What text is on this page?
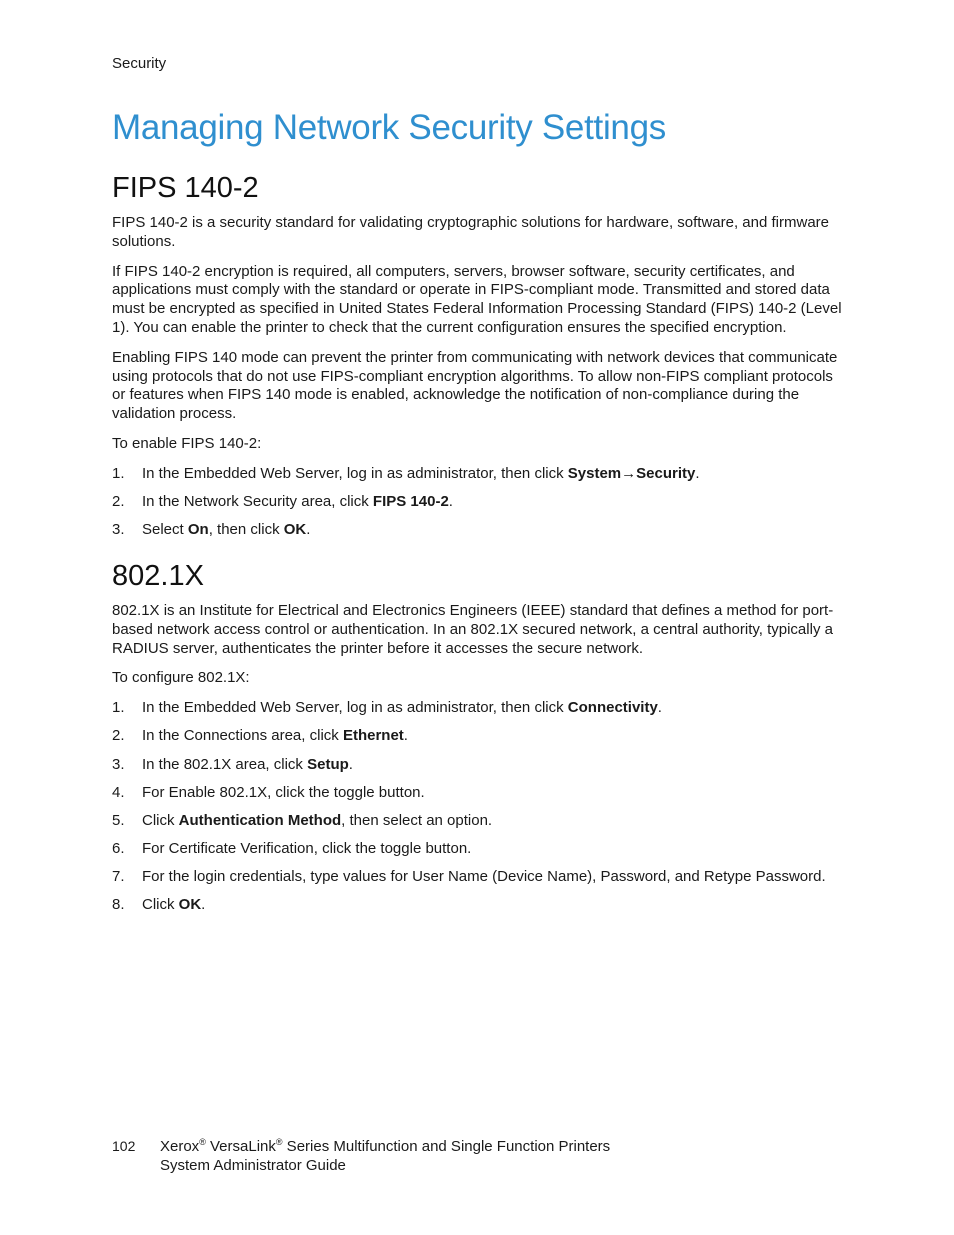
Security
Managing Network Security Settings
FIPS 140-2

FIPS 140-2 is a security standard for validating cryptographic solutions for hardware, software, and firmware solutions.

If FIPS 140-2 encryption is required, all computers, servers, browser software, security certificates, and applications must comply with the standard or operate in FIPS-compliant mode. Transmitted and stored data must be encrypted as specified in United States Federal Information Processing Standard (FIPS) 140-2 (Level 1). You can enable the printer to check that the current configuration ensures the specified encryption.

Enabling FIPS 140 mode can prevent the printer from communicating with network devices that communicate using protocols that do not use FIPS-compliant encryption algorithms. To allow non-FIPS compliant protocols or features when FIPS 140 mode is enabled, acknowledge the notification of non-compliance during the validation process.

To enable FIPS 140-2:

1. In the Embedded Web Server, log in as administrator, then click System→Security.
2. In the Network Security area, click FIPS 140-2.
3. Select On, then click OK.
802.1X

802.1X is an Institute for Electrical and Electronics Engineers (IEEE) standard that defines a method for port-based network access control or authentication. In an 802.1X secured network, a central authority, typically a RADIUS server, authenticates the printer before it accesses the secure network.

To configure 802.1X:

1. In the Embedded Web Server, log in as administrator, then click Connectivity.
2. In the Connections area, click Ethernet.
3. In the 802.1X area, click Setup.
4. For Enable 802.1X, click the toggle button.
5. Click Authentication Method, then select an option.
6. For Certificate Verification, click the toggle button.
7. For the login credentials, type values for User Name (Device Name), Password, and Retype Password.
8. Click OK.
102 Xerox® VersaLink® Series Multifunction and Single Function Printers
System Administrator Guide
